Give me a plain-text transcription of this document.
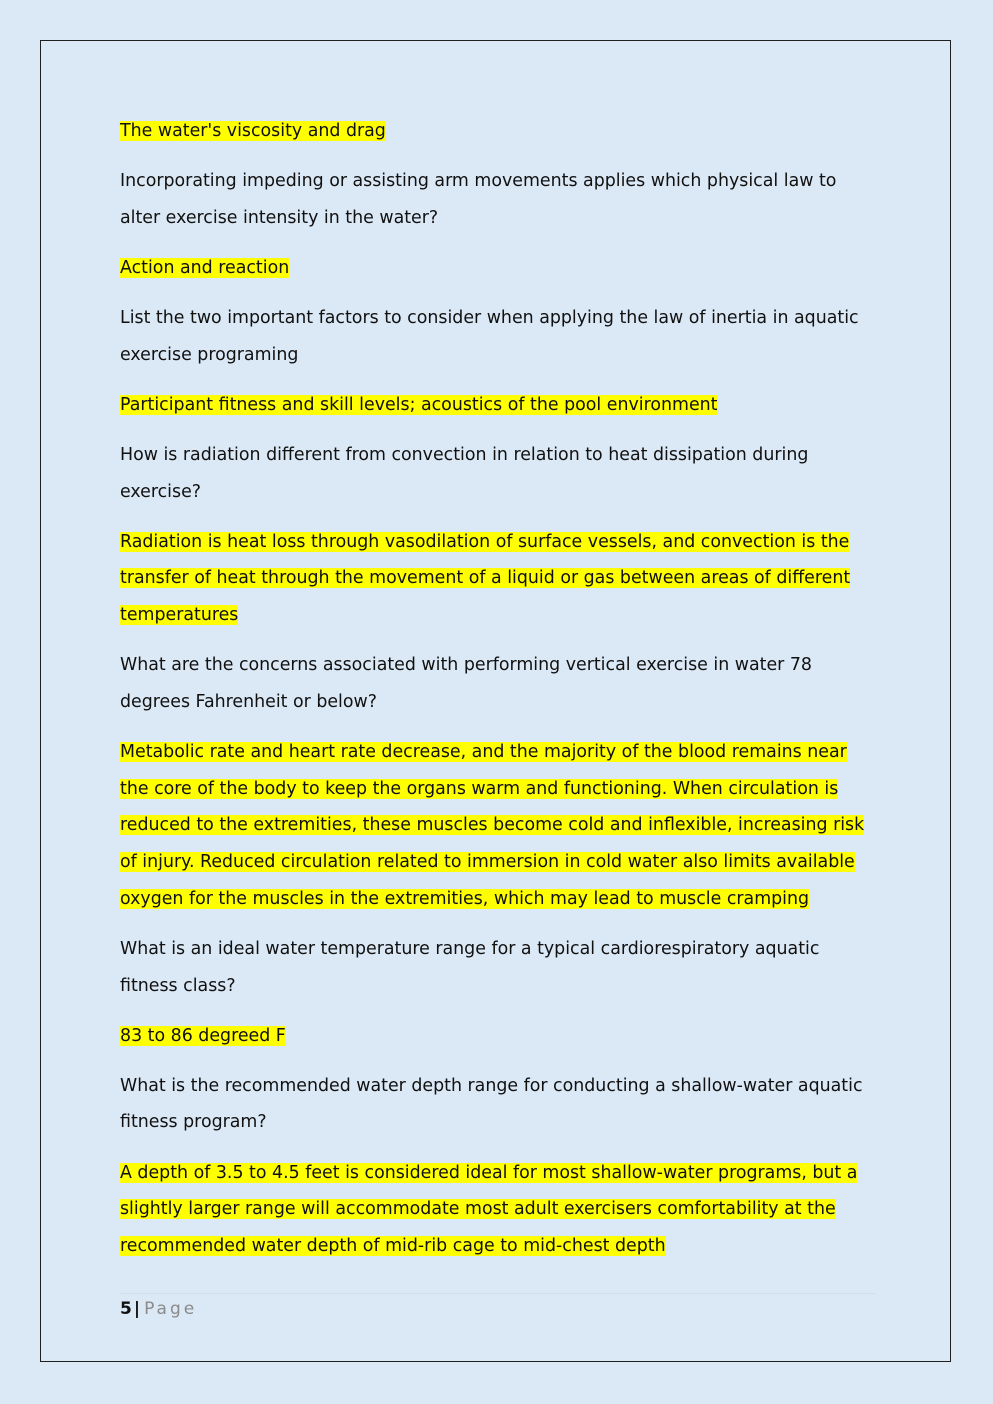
The water's viscosity and drag

Incorporating impeding or assisting arm movements applies which physical law to alter exercise intensity in the water?

Action and reaction

List the two important factors to consider when applying the law of inertia in aquatic exercise programing

Participant fitness and skill levels; acoustics of the pool environment

How is radiation different from convection in relation to heat dissipation during exercise?

Radiation is heat loss through vasodilation of surface vessels, and convection is the transfer of heat through the movement of a liquid or gas between areas of different temperatures

What are the concerns associated with performing vertical exercise in water 78 degrees Fahrenheit or below?

Metabolic rate and heart rate decrease, and the majority of the blood remains near the core of the body to keep the organs warm and functioning. When circulation is reduced to the extremities, these muscles become cold and inflexible, increasing risk of injury. Reduced circulation related to immersion in cold water also limits available oxygen for the muscles in the extremities, which may lead to muscle cramping

What is an ideal water temperature range for a typical cardiorespiratory aquatic fitness class?

83 to 86 degreed F

What is the recommended water depth range for conducting a shallow-water aquatic fitness program?

A depth of 3.5 to 4.5 feet is considered ideal for most shallow-water programs, but a slightly larger range will accommodate most adult exercisers comfortability at the recommended water depth of mid-rib cage to mid-chest depth

5 | Page
